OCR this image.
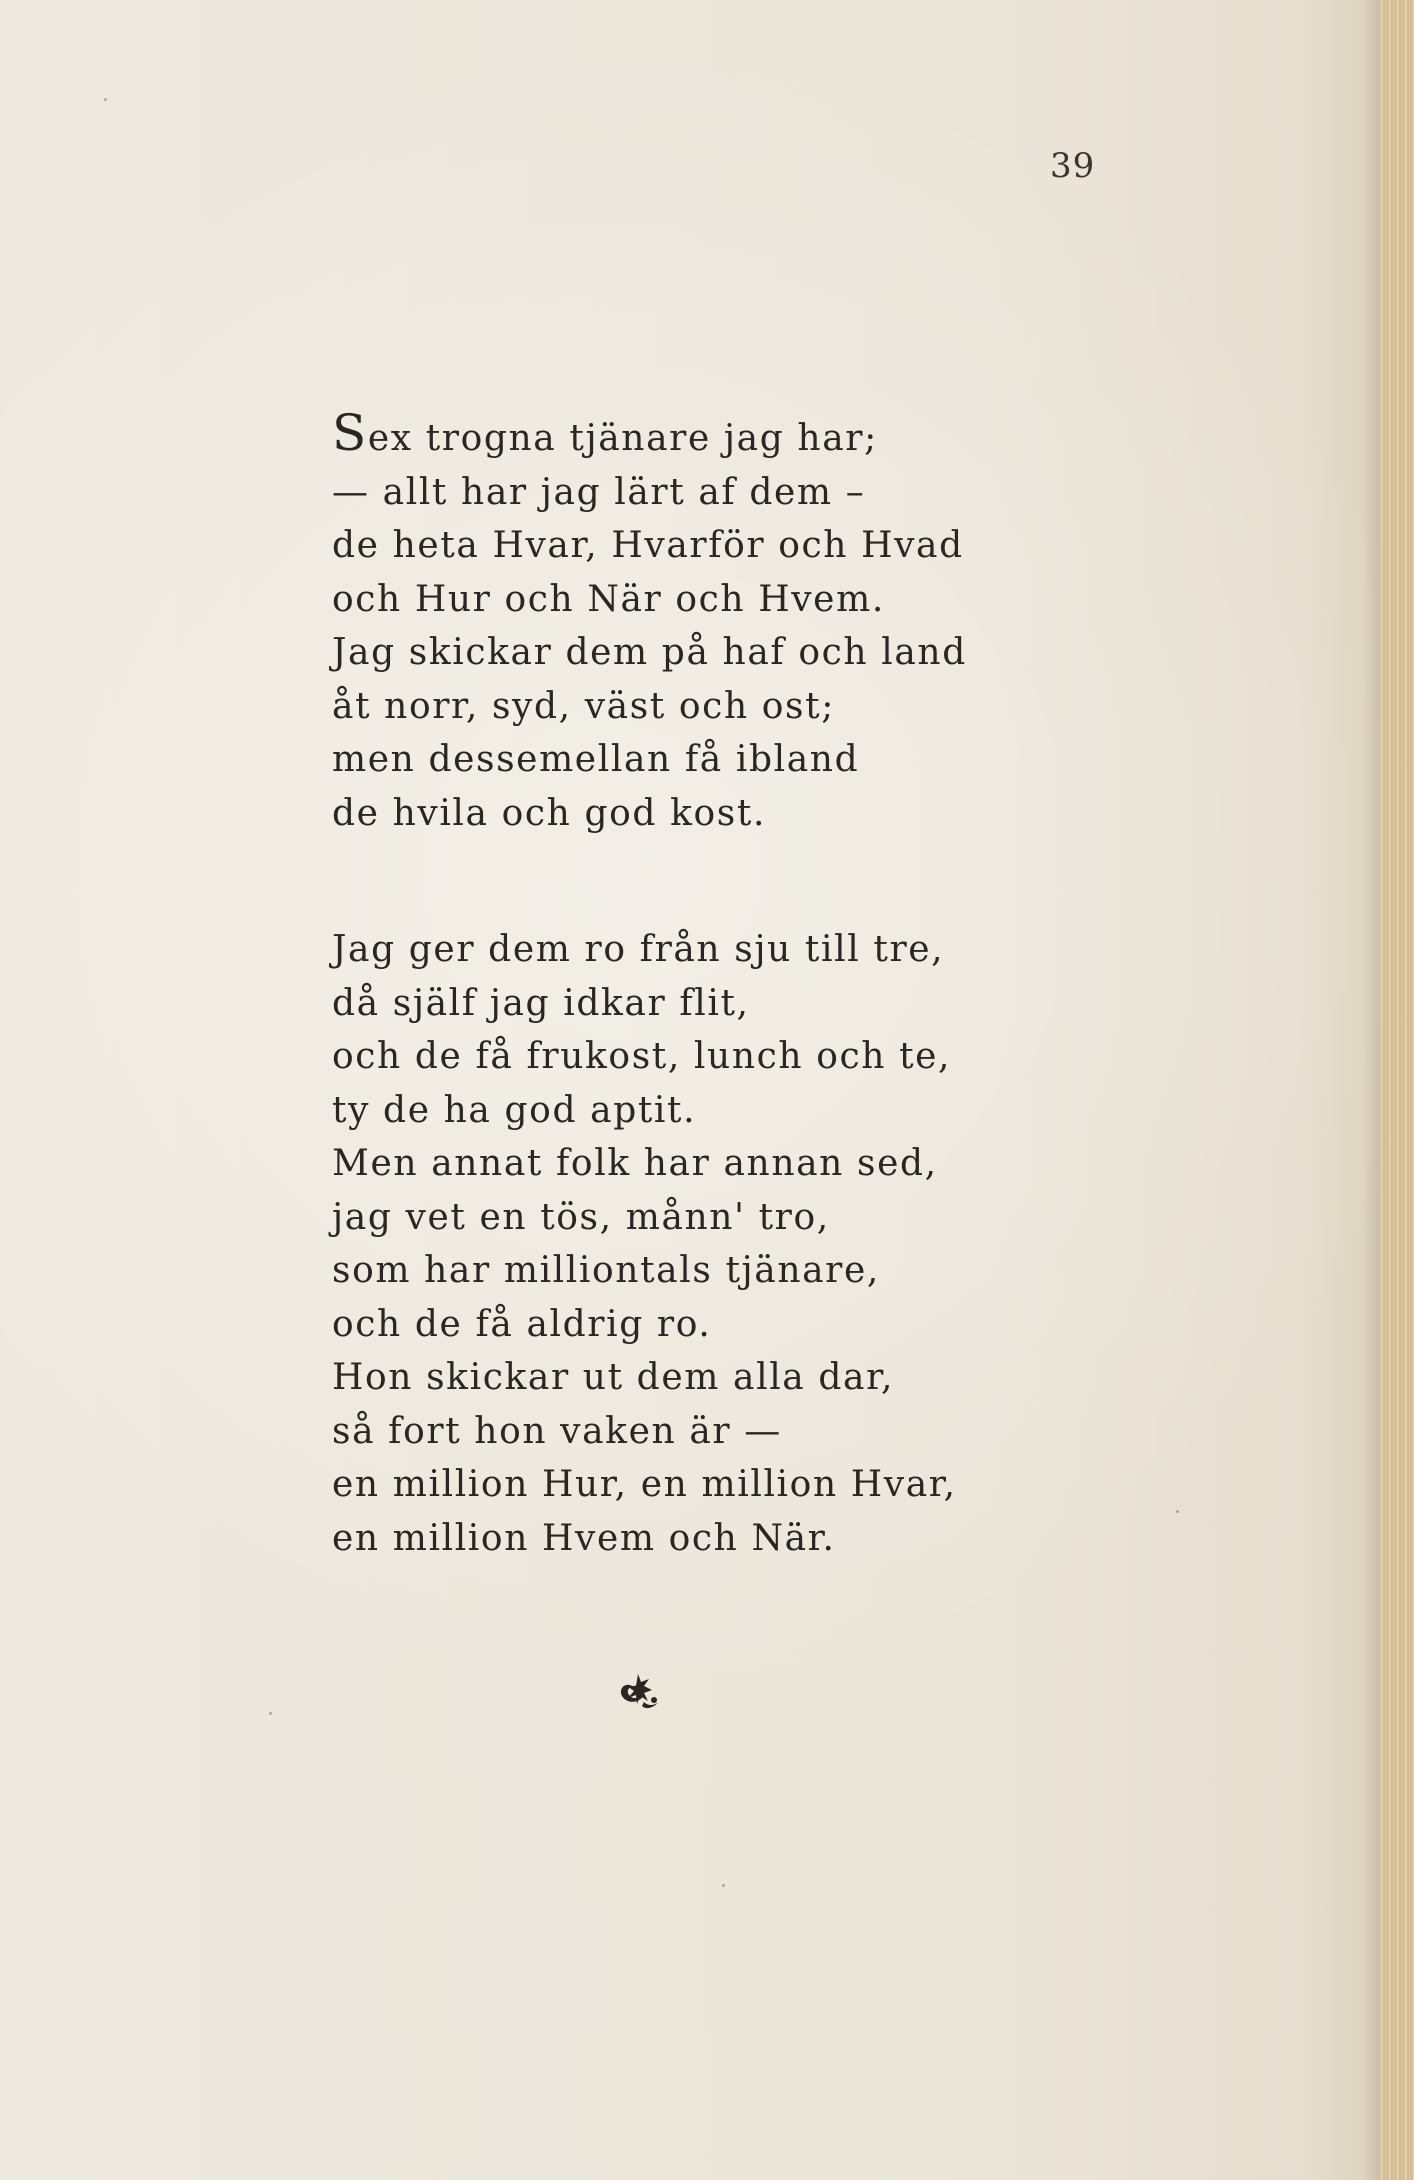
39
Sex trogna tjänare jag har;
— allt har jag lärt af dem –
de heta Hvar, Hvarför och Hvad
och Hur och När och Hvem.
Jag skickar dem på haf och land
åt norr, syd, väst och ost;
men dessemellan få ibland
de hvila och god kost.
Jag ger dem ro från sju till tre,
då själf jag idkar flit,
och de få frukost, lunch och te,
ty de ha god aptit.
Men annat folk har annan sed,
jag vet en tös, månn' tro,
som har milliontals tjänare,
och de få aldrig ro.
Hon skickar ut dem alla dar,
så fort hon vaken är —
en million Hur, en million Hvar,
en million Hvem och När.
